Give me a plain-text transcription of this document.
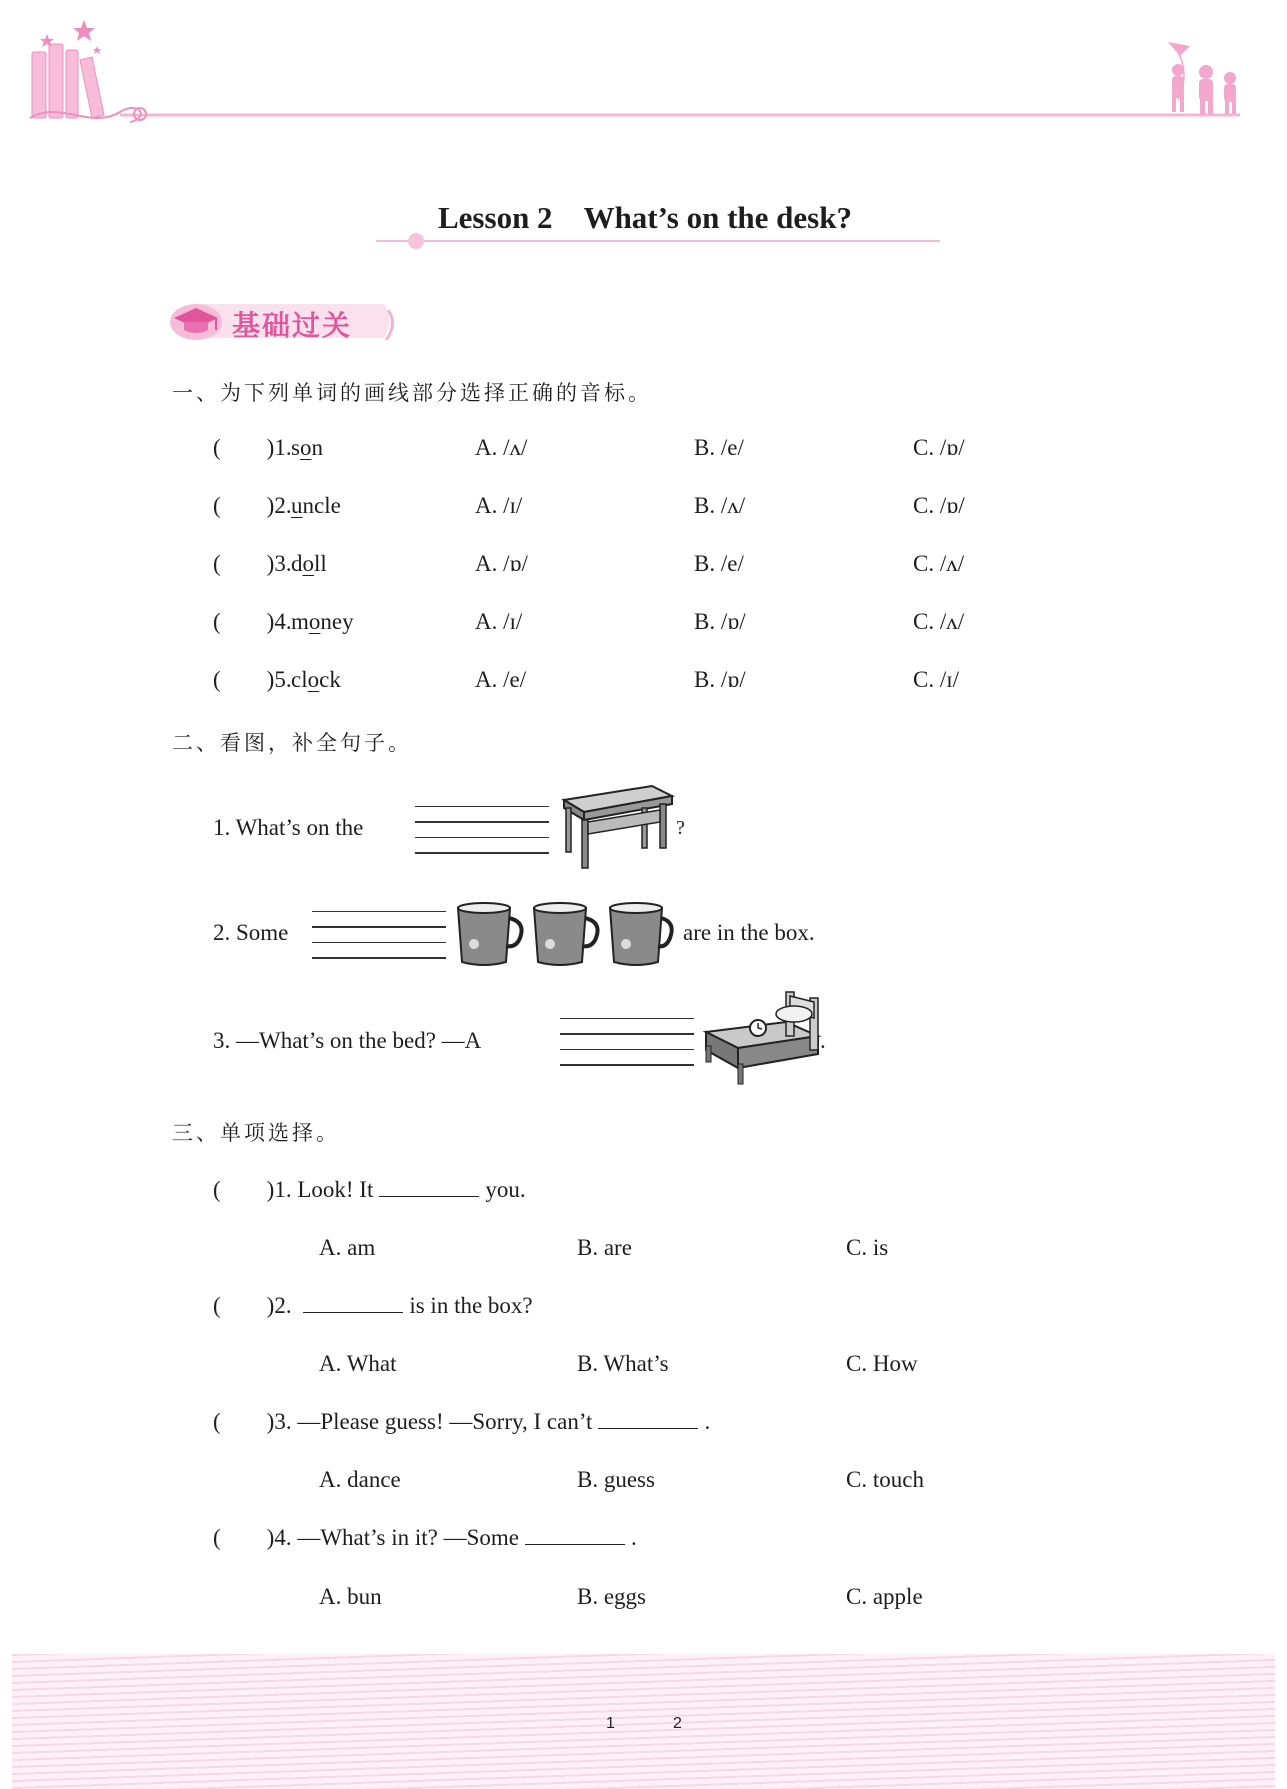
Lesson 2 What’s on the desk?
基础过关
一、为下列单词的画线部分选择正确的音标。
(        )1. son	A. /ʌ/	B. /e/	C. /ɒ/
(        )2. uncle	A. /ɪ/	B. /ʌ/	C. /ɒ/
(        )3. doll	A. /ɒ/	B. /e/	C. /ʌ/
(        )4. money	A. /ɪ/	B. /ɒ/	C. /ʌ/
(        )5. clock	A. /e/	B. /ɒ/	C. /ɪ/
二、看图，补全句子。
1. What’s on the	?
2. Some	are in the box.
3. —What’s on the bed? —A	.
三、单项选择。
(        )1. Look! It	you.
A. am	B. are	C. is
(        )2.	is in the box?
A. What	B. What’s	C. How
(        )3. —Please guess! —Sorry, I can’t	.
A. dance	B. guess	C. touch
(        )4. —What’s in it? —Some	.
A. bun	B. eggs	C. apple
1	2
